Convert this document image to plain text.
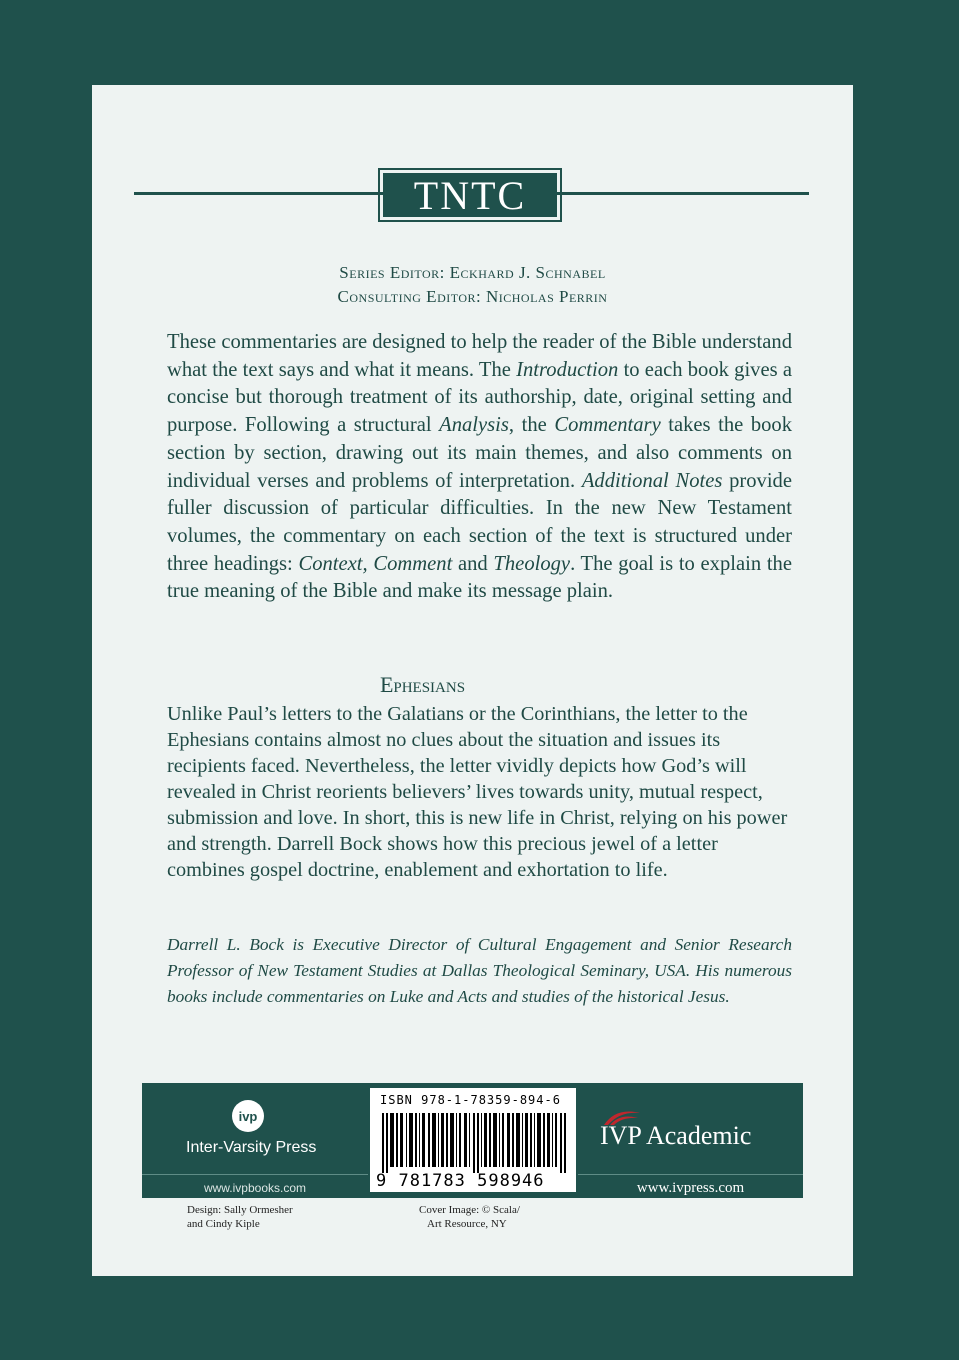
TNTC
Series Editor: Eckhard J. Schnabel
Consulting Editor: Nicholas Perrin

These commentaries are designed to help the reader of the Bible understand what the text says and what it means. The Introduction to each book gives a concise but thorough treatment of its authorship, date, original setting and purpose. Following a structural Analysis, the Commentary takes the book section by section, drawing out its main themes, and also comments on individual verses and problems of interpretation. Additional Notes provide fuller discussion of particular difficulties. In the new New Testament volumes, the commentary on each section of the text is structured under three headings: Context, Comment and Theology. The goal is to explain the true meaning of the Bible and make its message plain.

Ephesians

Unlike Paul’s letters to the Galatians or the Corinthians, the letter to the Ephesians contains almost no clues about the situation and issues its recipients faced. Nevertheless, the letter vividly depicts how God’s will revealed in Christ reorients believers’ lives towards unity, mutual respect, submission and love. In short, this is new life in Christ, relying on his power and strength. Darrell Bock shows how this precious jewel of a letter combines gospel doctrine, enablement and exhortation to life.

Darrell L. Bock is Executive Director of Cultural Engagement and Senior Research Professor of New Testament Studies at Dallas Theological Seminary, USA. His numerous books include commentaries on Luke and Acts and studies of the historical Jesus.

ivp
Inter-Varsity Press
www.ivpbooks.com
ISBN 978-1-78359-894-6
9 781783 598946
IVP Academic
www.ivpress.com
Design: Sally Ormesher
and Cindy Kiple
Cover Image: © Scala/
Art Resource, NY
